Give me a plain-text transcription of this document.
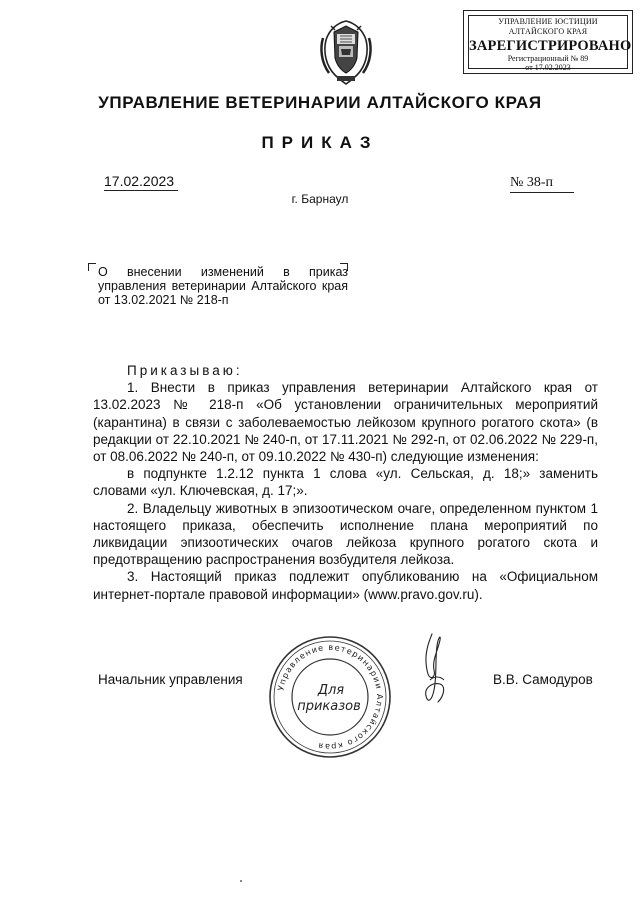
УПРАВЛЕНИЕ ЮСТИЦИИ
АЛТАЙСКОГО КРАЯ
ЗАРЕГИСТРИРОВАНО
Регистрационный № 89
от 17.02.2023
УПРАВЛЕНИЕ ВЕТЕРИНАРИИ АЛТАЙСКОГО КРАЯ
ПРИКАЗ
17.02.2023	№ 38-п
г. Барнаул
О внесении изменений в приказ управления ветеринарии Алтайского края от 13.02.2021 № 218-п

Приказываю:

1. Внести в приказ управления ветеринарии Алтайского края от 13.02.2023 № 218-п «Об установлении ограничительных мероприятий (карантина) в связи с заболеваемостью лейкозом крупного рогатого скота» (в редакции от 22.10.2021 № 240-п, от 17.11.2021 № 292-п, от 02.06.2022 № 229-п, от 08.06.2022 № 240-п, от 09.10.2022 № 430-п) следующие изменения:

в подпункте 1.2.12 пункта 1 слова «ул. Сельская, д. 18;» заменить словами «ул. Ключевская, д. 17;».

2. Владельцу животных в эпизоотическом очаге, определенном пунктом 1 настоящего приказа, обеспечить исполнение плана мероприятий по ликвидации эпизоотических очагов лейкоза крупного рогатого скота и предотвращению распространения возбудителя лейкоза.

3. Настоящий приказ подлежит опубликованию на «Официальном интернет-портале правовой информации» (www.pravo.gov.ru).

Начальник управления	В.В. Самодуров
Управление ветеринарии Алтайского края
Для
приказов
